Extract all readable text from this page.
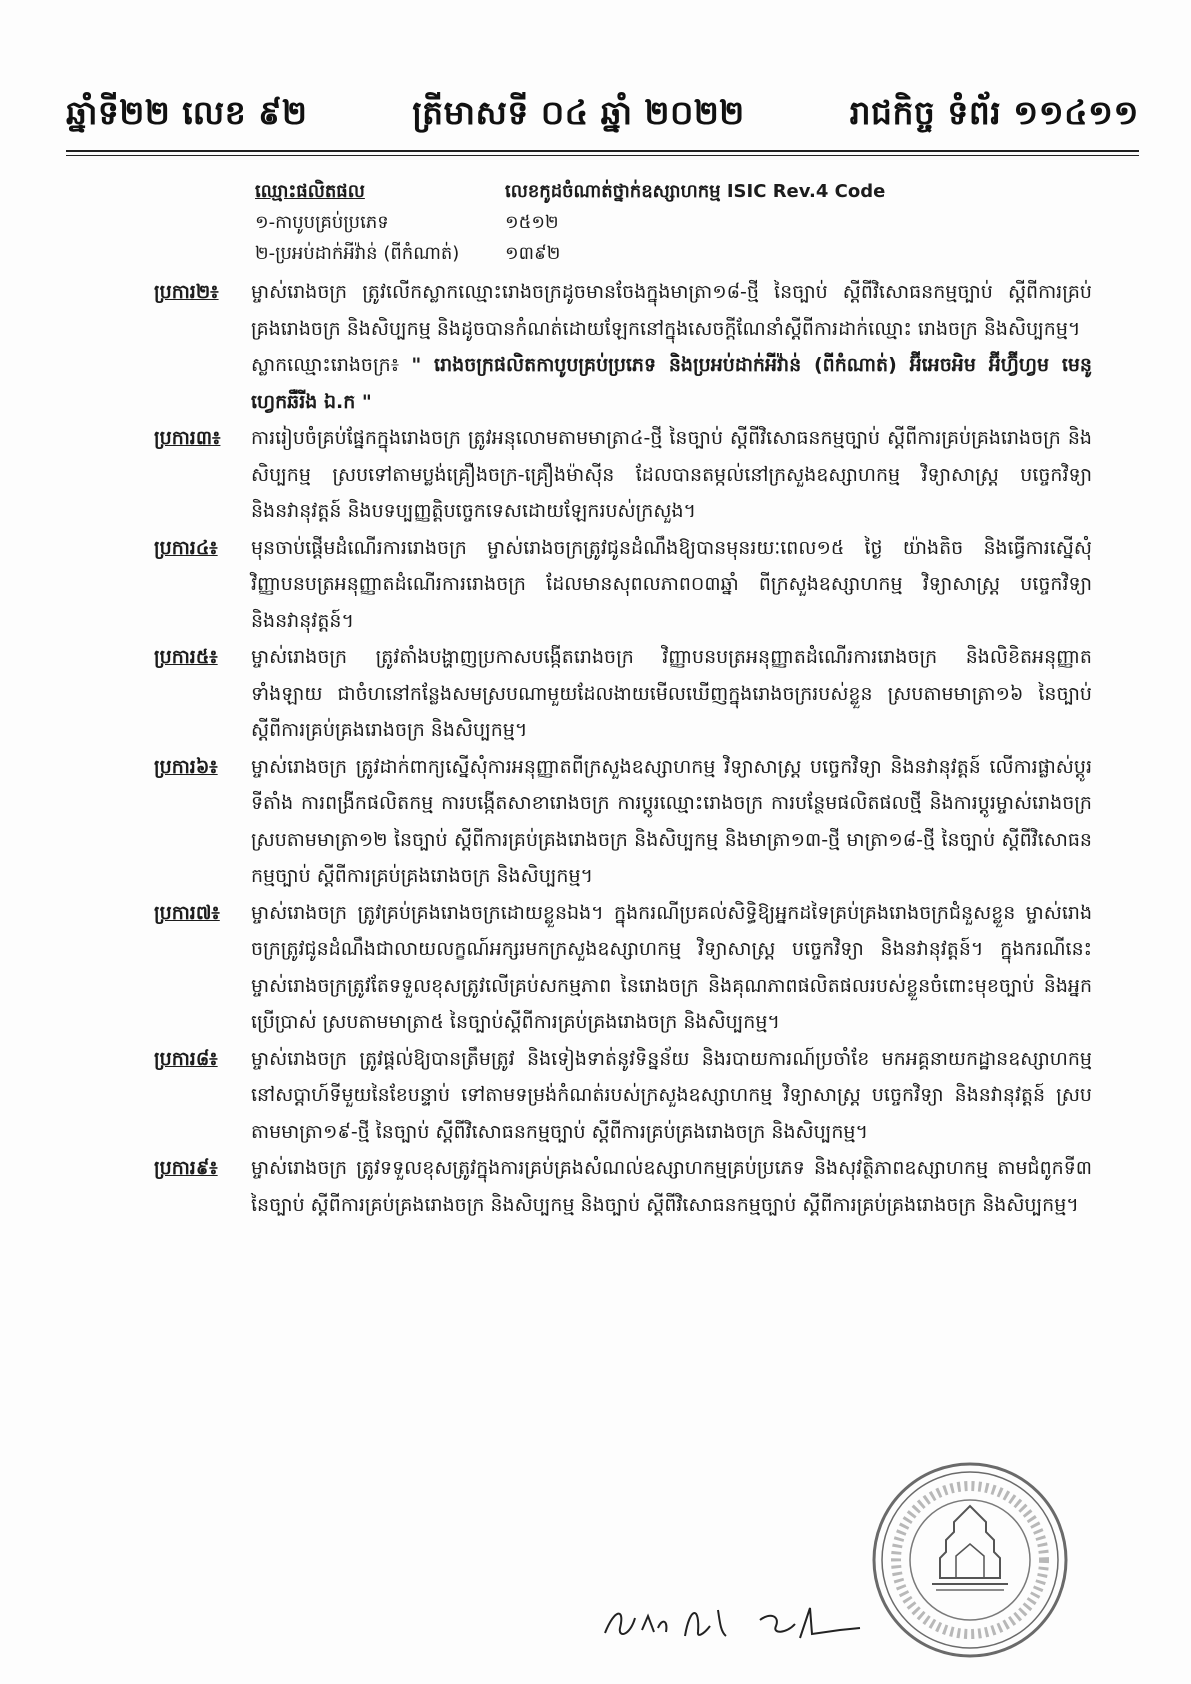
ឆ្នាំទី២២ លេខ ៩២	ត្រីមាសទី ០៤ ឆ្នាំ ២០២២	រាជកិច្ច ទំព័រ ១១៤១១
ឈ្មោះផលិតផល	លេខកូដចំណាត់ថ្នាក់ឧស្សាហកម្ម ISIC Rev.4 Code
១-កាបូបគ្រប់ប្រភេទ	១៥១២
២-ប្រអប់ដាក់អីវ៉ាន់ (ពីកំណាត់)	១៣៩២
ប្រការ២៖	ម្ចាស់រោងចក្រ ត្រូវលើកស្លាកឈ្មោះរោងចក្រដូចមានចែងក្នុងមាត្រា១៨-ថ្មី នៃច្បាប់ ស្តីពីវិសោធនកម្មច្បាប់ ស្តីពីការគ្រប់គ្រងរោងចក្រ និងសិប្បកម្ម និងដូចបានកំណត់ដោយឡែកនៅក្នុងសេចក្តីណែនាំស្តីពីការដាក់ឈ្មោះ រោងចក្រ និងសិប្បកម្ម។

ស្លាកឈ្មោះរោងចក្រ៖ " រោងចក្រផលិតកាបូបគ្រប់ប្រភេទ និងប្រអប់ដាក់អីវ៉ាន់ (ពីកំណាត់) អ៊ីអេចអិម អ៊ីហ្វ៊ីហ្វម មេនូហ្វេកឆឺរីង ឯ.ក "

ប្រការ៣៖	ការរៀបចំគ្រប់ផ្នែកក្នុងរោងចក្រ ត្រូវអនុលោមតាមមាត្រា៤-ថ្មី នៃច្បាប់ ស្តីពីវិសោធនកម្មច្បាប់ ស្តីពីការគ្រប់គ្រងរោងចក្រ និងសិប្បកម្ម ស្របទៅតាមប្លង់គ្រឿងចក្រ-គ្រឿងម៉ាស៊ីន ដែលបានតម្កល់នៅក្រសួងឧស្សាហកម្ម វិទ្យាសាស្ត្រ បច្ចេកវិទ្យា និងនវានុវត្តន៍ និងបទប្បញ្ញត្តិបច្ចេកទេសដោយឡែករបស់ក្រសួង។

ប្រការ៤៖	មុនចាប់ផ្តើមដំណើរការរោងចក្រ ម្ចាស់រោងចក្រត្រូវជូនដំណឹងឱ្យបានមុនរយៈពេល១៥ ថ្ងៃ យ៉ាងតិច និងធ្វើការស្នើសុំវិញ្ញាបនបត្រអនុញ្ញាតដំណើរការរោងចក្រ ដែលមានសុពលភាព០៣ឆ្នាំ ពីក្រសួងឧស្សាហកម្ម វិទ្យាសាស្ត្រ បច្ចេកវិទ្យា និងនវានុវត្តន៍។

ប្រការ៥៖	ម្ចាស់រោងចក្រ ត្រូវតាំងបង្ហាញប្រកាសបង្កើតរោងចក្រ វិញ្ញាបនបត្រអនុញ្ញាតដំណើរការរោងចក្រ និងលិខិតអនុញ្ញាតទាំងឡាយ ជាចំហនៅកន្លែងសមស្របណាមួយដែលងាយមើលឃើញក្នុងរោងចក្ររបស់ខ្លួន ស្របតាមមាត្រា១៦ នៃច្បាប់ ស្តីពីការគ្រប់គ្រងរោងចក្រ និងសិប្បកម្ម។

ប្រការ៦៖	ម្ចាស់រោងចក្រ ត្រូវដាក់ពាក្យស្នើសុំការអនុញ្ញាតពីក្រសួងឧស្សាហកម្ម វិទ្យាសាស្ត្រ បច្ចេកវិទ្យា និងនវានុវត្តន៍ លើការផ្លាស់ប្តូរទីតាំង ការពង្រីកផលិតកម្ម ការបង្កើតសាខារោងចក្រ ការប្តូរឈ្មោះរោងចក្រ ការបន្ថែមផលិតផលថ្មី និងការប្តូរម្ចាស់រោងចក្រ ស្របតាមមាត្រា១២ នៃច្បាប់ ស្តីពីការគ្រប់គ្រងរោងចក្រ និងសិប្បកម្ម និងមាត្រា១៣-ថ្មី មាត្រា១៨-ថ្មី នៃច្បាប់ ស្តីពីវិសោធនកម្មច្បាប់ ស្តីពីការគ្រប់គ្រងរោងចក្រ និងសិប្បកម្ម។

ប្រការ៧៖	ម្ចាស់រោងចក្រ ត្រូវគ្រប់គ្រងរោងចក្រដោយខ្លួនឯង។ ក្នុងករណីប្រគល់សិទ្ធិឱ្យអ្នកដទៃគ្រប់គ្រងរោងចក្រជំនួសខ្លួន ម្ចាស់រោងចក្រត្រូវជូនដំណឹងជាលាយលក្ខណ៍អក្សរមកក្រសួងឧស្សាហកម្ម វិទ្យាសាស្ត្រ បច្ចេកវិទ្យា និងនវានុវត្តន៍។ ក្នុងករណីនេះ ម្ចាស់រោងចក្រត្រូវតែទទួលខុសត្រូវលើគ្រប់សកម្មភាព នៃរោងចក្រ និងគុណភាពផលិតផលរបស់ខ្លួនចំពោះមុខច្បាប់ និងអ្នកប្រើប្រាស់ ស្របតាមមាត្រា៥ នៃច្បាប់ស្តីពីការគ្រប់គ្រងរោងចក្រ និងសិប្បកម្ម។

ប្រការ៨៖	ម្ចាស់រោងចក្រ ត្រូវផ្តល់ឱ្យបានត្រឹមត្រូវ និងទៀងទាត់នូវទិន្នន័យ និងរបាយការណ៍ប្រចាំខែ មកអគ្គនាយកដ្ឋានឧស្សាហកម្ម នៅសប្តាហ៍ទីមួយនៃខែបន្ទាប់ ទៅតាមទម្រង់កំណត់របស់ក្រសួងឧស្សាហកម្ម វិទ្យាសាស្ត្រ បច្ចេកវិទ្យា និងនវានុវត្តន៍ ស្របតាមមាត្រា១៩-ថ្មី នៃច្បាប់ ស្តីពីវិសោធនកម្មច្បាប់ ស្តីពីការគ្រប់គ្រងរោងចក្រ និងសិប្បកម្ម។

ប្រការ៩៖	ម្ចាស់រោងចក្រ ត្រូវទទួលខុសត្រូវក្នុងការគ្រប់គ្រងសំណល់ឧស្សាហកម្មគ្រប់ប្រភេទ និងសុវត្ថិភាពឧស្សាហកម្ម តាមជំពូកទី៣ នៃច្បាប់ ស្តីពីការគ្រប់គ្រងរោងចក្រ និងសិប្បកម្ម និងច្បាប់ ស្តីពីវិសោធនកម្មច្បាប់ ស្តីពីការគ្រប់គ្រងរោងចក្រ និងសិប្បកម្ម។
